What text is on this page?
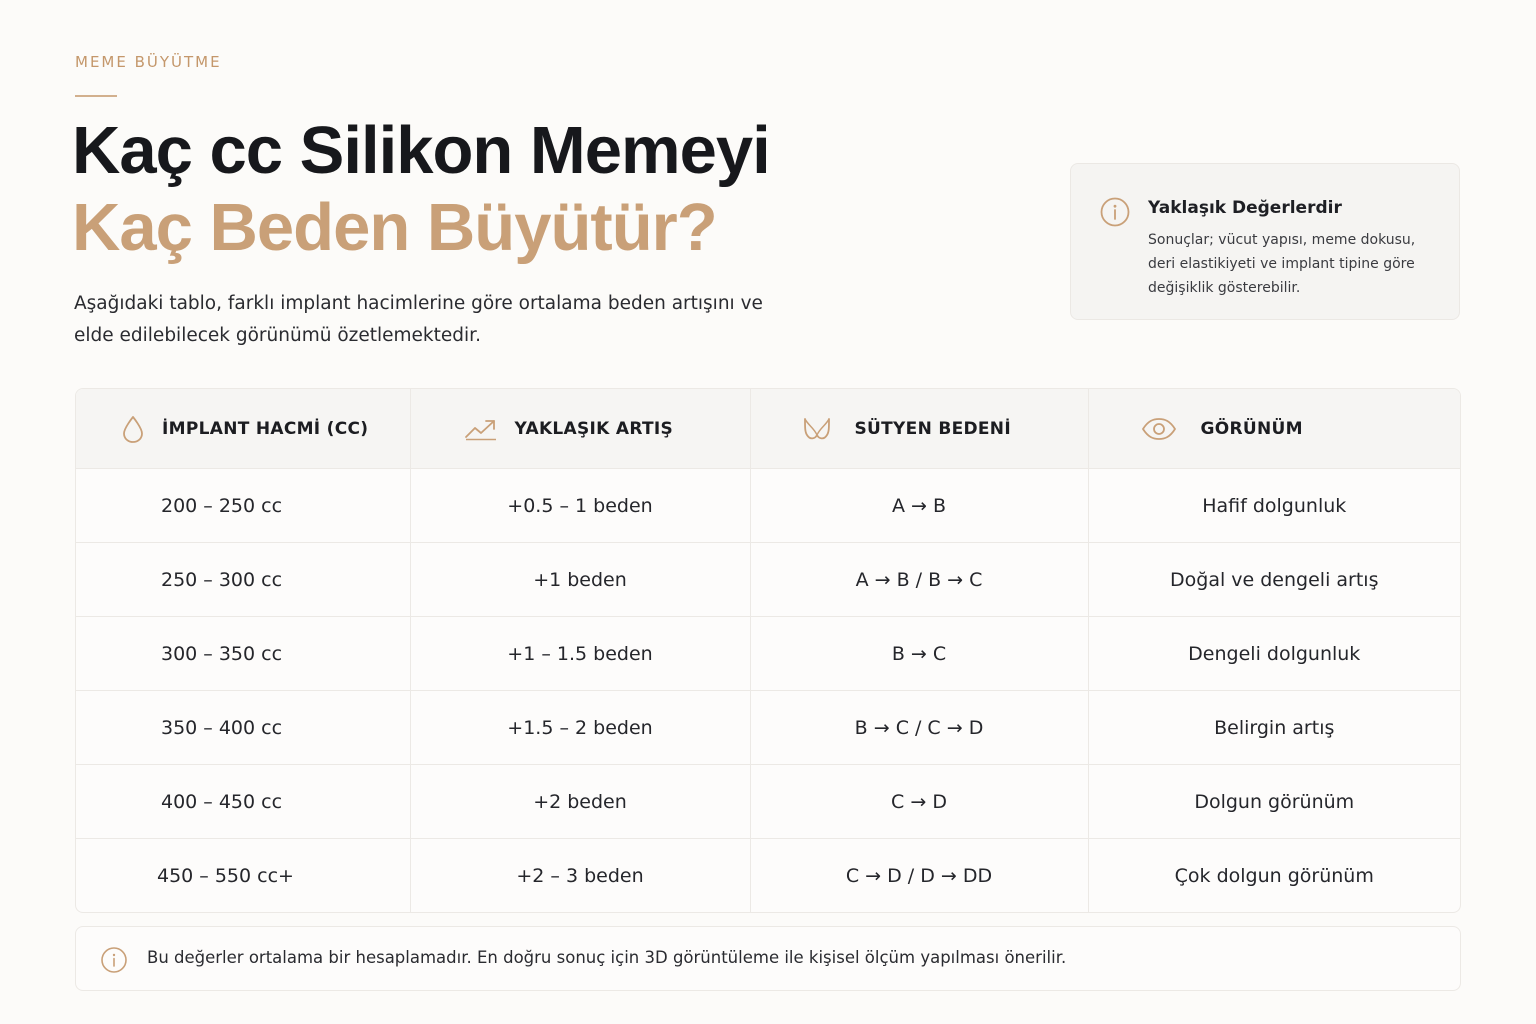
MEME BÜYÜTME
Kaç cc Silikon Memeyi
Kaç Beden Büyütür?
Aşağıdaki tablo, farklı implant hacimlerine göre ortalama beden artışını ve elde edilebilecek görünümü özetlemektedir.
Yaklaşık Değerlerdir
Sonuçlar; vücut yapısı, meme dokusu, deri elastikiyeti ve implant tipine göre değişiklik gösterebilir.
İMPLANT HACMİ (CC)	YAKLAŞIK ARTIŞ	SÜTYEN BEDENİ	GÖRÜNÜM

200 – 250 cc	+0.5 – 1 beden	A → B	Hafif dolgunluk
250 – 300 cc	+1 beden	A → B / B → C	Doğal ve dengeli artış
300 – 350 cc	+1 – 1.5 beden	B → C	Dengeli dolgunluk
350 – 400 cc	+1.5 – 2 beden	B → C / C → D	Belirgin artış
400 – 450 cc	+2 beden	C → D	Dolgun görünüm
450 – 550 cc+	+2 – 3 beden	C → D / D → DD	Çok dolgun görünüm
Bu değerler ortalama bir hesaplamadır. En doğru sonuç için 3D görüntüleme ile kişisel ölçüm yapılması önerilir.
